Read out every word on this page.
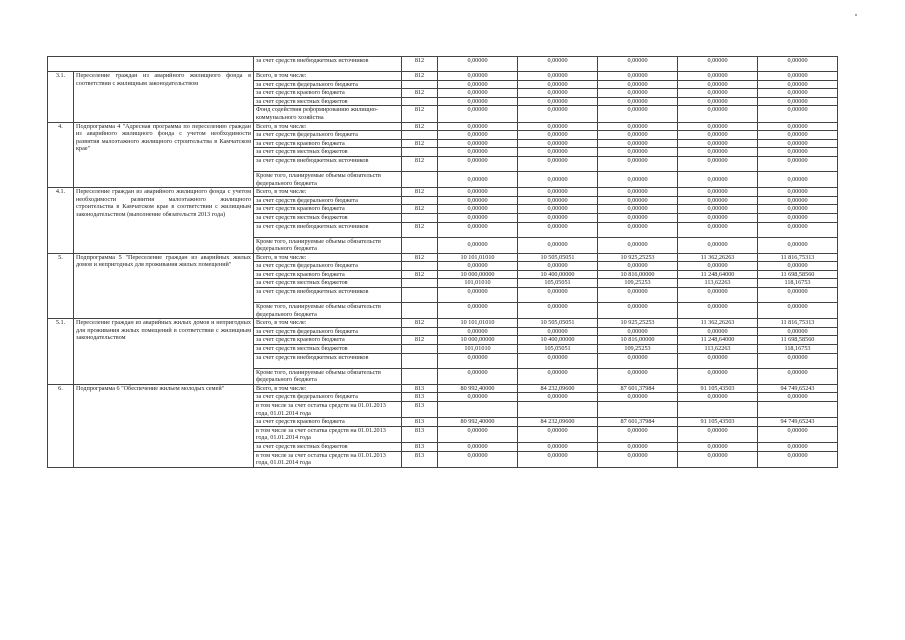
		за счет средств внебюджетных источников	812	0,00000	0,00000	0,00000	0,00000	0,00000
3.1.	Переселение граждан из аварийного жилищного фонда в соответствии с жилищным законодательством	Всего, в том числе:	812	0,00000	0,00000	0,00000	0,00000	0,00000
		за счет средств федерального бюджета		0,00000	0,00000	0,00000	0,00000	0,00000
		за счет средств краевого бюджета	812	0,00000	0,00000	0,00000	0,00000	0,00000
		за счет средств местных бюджетов		0,00000	0,00000	0,00000	0,00000	0,00000
		Фонд содействия реформированию жилищно-коммунального хозяйства	812	0,00000	0,00000	0,00000	0,00000	0,00000
4.	Подпрограмма 4 "Адресная программа по переселению граждан из аварийного жилищного фонда с учетом необходимости развития малоэтажного жилищного строительства в Камчатском крае"	Всего, в том числе:	812	0,00000	0,00000	0,00000	0,00000	0,00000
		за счет средств федерального бюджета		0,00000	0,00000	0,00000	0,00000	0,00000
		за счет средств краевого бюджета	812	0,00000	0,00000	0,00000	0,00000	0,00000
		за счет средств местных бюджетов		0,00000	0,00000	0,00000	0,00000	0,00000
		за счет средств внебюджетных источников	812	0,00000	0,00000	0,00000	0,00000	0,00000
		Кроме того, планируемые объемы обязательств федерального бюджета		0,00000	0,00000	0,00000	0,00000	0,00000
4.1.	Переселение граждан из аварийного жилищного фонда с учетом необходимости развития малоэтажного жилищного строительства в Камчатском крае в соответствии с жилищным законодательством (выполнение обязательств 2013 года)	Всего, в том числе:	812	0,00000	0,00000	0,00000	0,00000	0,00000
		за счет средств федерального бюджета		0,00000	0,00000	0,00000	0,00000	0,00000
		за счет средств краевого бюджета	812	0,00000	0,00000	0,00000	0,00000	0,00000
		за счет средств местных бюджетов		0,00000	0,00000	0,00000	0,00000	0,00000
		за счет средств внебюджетных источников	812	0,00000	0,00000	0,00000	0,00000	0,00000
		Кроме того, планируемые объемы обязательств федерального бюджета		0,00000	0,00000	0,00000	0,00000	0,00000
5.	Подпрограмма 5 "Переселение граждан из аварийных жилых домов и непригодных для проживания жилых помещений"	Всего, в том числе:	812	10 101,01010	10 505,05051	10 925,25253	11 362,26263	11 816,75313
		за счет средств федерального бюджета		0,00000	0,00000	0,00000	0,00000	0,00000
		за счет средств краевого бюджета	812	10 000,00000	10 400,00000	10 816,00000	11 248,64000	11 698,58560
		за счет средств местных бюджетов		101,01010	105,05051	109,25253	113,62263	118,16753
		за счет средств внебюджетных источников		0,00000	0,00000	0,00000	0,00000	0,00000
		Кроме того, планируемые объемы обязательств федерального бюджета		0,00000	0,00000	0,00000	0,00000	0,00000
5.1.	Переселение граждан из аварийных жилых домов и непригодных для проживания жилых помещений в соответствии с жилищным законодательством	Всего, в том числе:	812	10 101,01010	10 505,05051	10 925,25253	11 362,26263	11 816,75313
		за счет средств федерального бюджета		0,00000	0,00000	0,00000	0,00000	0,00000
		за счет средств краевого бюджета	812	10 000,00000	10 400,00000	10 816,00000	11 248,64000	11 698,58560
		за счет средств местных бюджетов		101,01010	105,05051	109,25253	113,62263	118,16753
		за счет средств внебюджетных источников		0,00000	0,00000	0,00000	0,00000	0,00000
		Кроме того, планируемые объемы обязательств федерального бюджета		0,00000	0,00000	0,00000	0,00000	0,00000
6.	Подпрограмма 6 "Обеспечение жильем молодых семей"	Всего, в том числе:	813	80 992,40000	84 232,09600	87 601,37984	91 105,43503	94 749,65243
		за счет средств федерального бюджета	813	0,00000	0,00000	0,00000	0,00000	0,00000
		в том числе за счет остатка средств на 01.01.2013 года, 01.01.2014 года	813					
		за счет средств краевого бюджета	813	80 992,40000	84 232,09600	87 601,37984	91 105,43503	94 749,65243
		в том числе за счет остатка средств на 01.01.2013 года, 01.01.2014 года	813	0,00000	0,00000	0,00000	0,00000	0,00000
		за счет средств местных бюджетов	813	0,00000	0,00000	0,00000	0,00000	0,00000
		в том числе за счет остатка средств на 01.01.2013 года, 01.01.2014 года	813	0,00000	0,00000	0,00000	0,00000	0,00000
